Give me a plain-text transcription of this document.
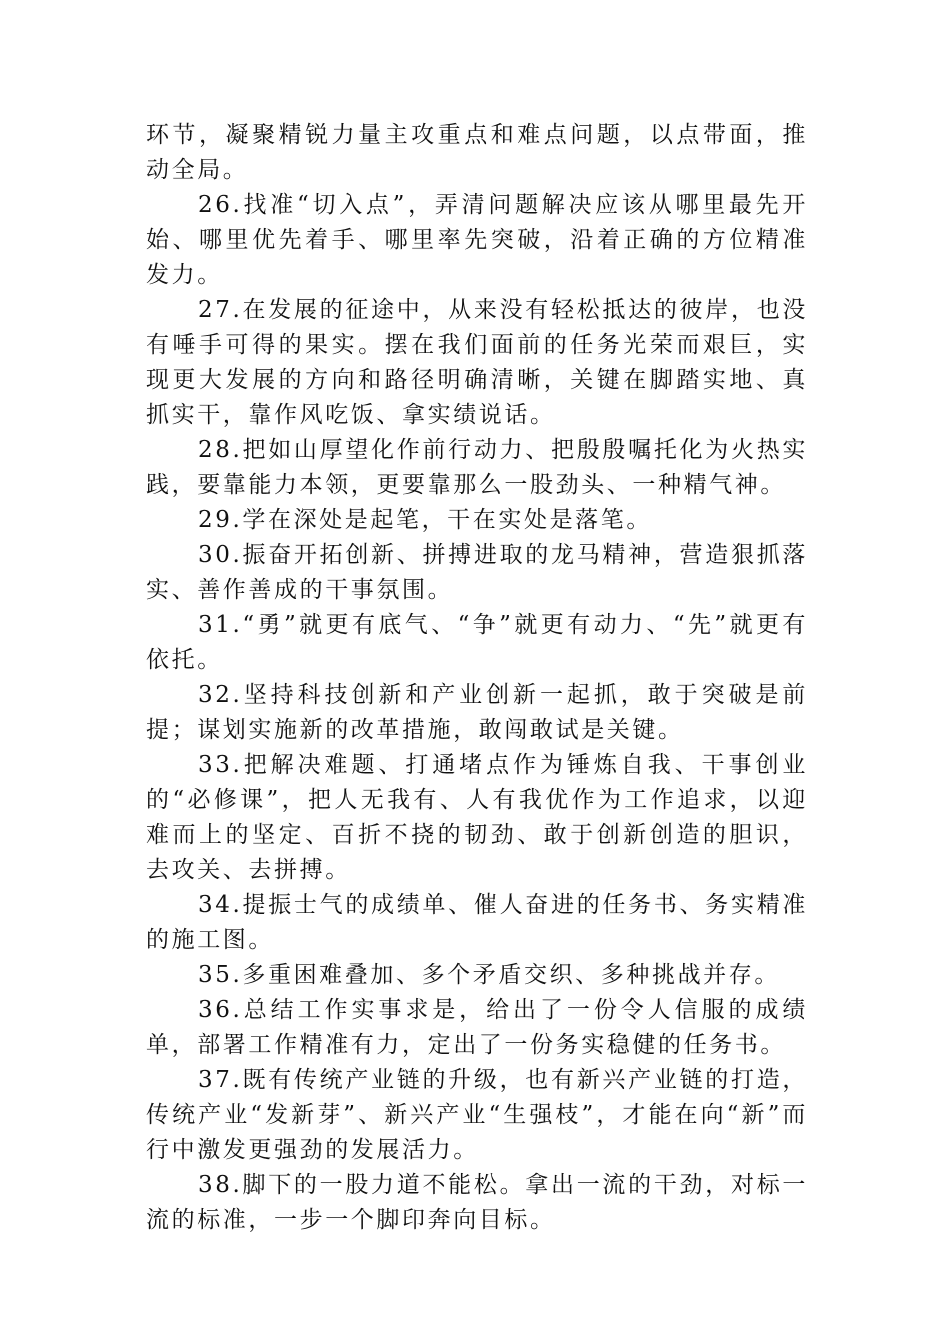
环节，凝聚精锐力量主攻重点和难点问题，以点带面，推动全局。

26.找准“切入点”，弄清问题解决应该从哪里最先开始、哪里优先着手、哪里率先突破，沿着正确的方位精准发力。

27.在发展的征途中，从来没有轻松抵达的彼岸，也没有唾手可得的果实。摆在我们面前的任务光荣而艰巨，实现更大发展的方向和路径明确清晰，关键在脚踏实地、真抓实干，靠作风吃饭、拿实绩说话。

28.把如山厚望化作前行动力、把殷殷嘱托化为火热实践，要靠能力本领，更要靠那么一股劲头、一种精气神。

29.学在深处是起笔，干在实处是落笔。

30.振奋开拓创新、拼搏进取的龙马精神，营造狠抓落实、善作善成的干事氛围。

31.“勇”就更有底气、“争”就更有动力、“先”就更有依托。

32.坚持科技创新和产业创新一起抓，敢于突破是前提；谋划实施新的改革措施，敢闯敢试是关键。

33.把解决难题、打通堵点作为锤炼自我、干事创业的“必修课”，把人无我有、人有我优作为工作追求，以迎难而上的坚定、百折不挠的韧劲、敢于创新创造的胆识，去攻关、去拼搏。

34.提振士气的成绩单、催人奋进的任务书、务实精准的施工图。

35.多重困难叠加、多个矛盾交织、多种挑战并存。

36.总结工作实事求是，给出了一份令人信服的成绩单，部署工作精准有力，定出了一份务实稳健的任务书。

37.既有传统产业链的升级，也有新兴产业链的打造，传统产业“发新芽”、新兴产业“生强枝”，才能在向“新”而行中激发更强劲的发展活力。

38.脚下的一股力道不能松。拿出一流的干劲，对标一流的标准，一步一个脚印奔向目标。
